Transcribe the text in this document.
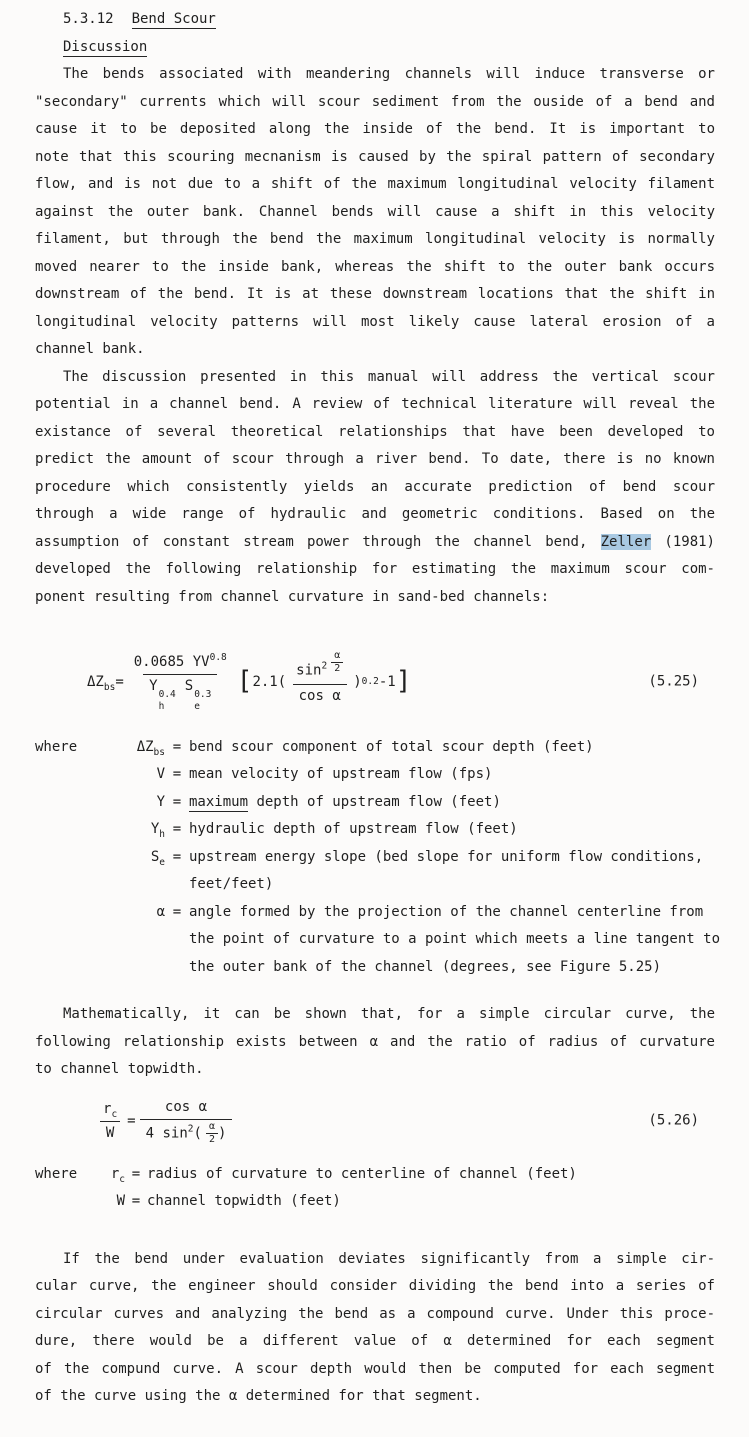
5.3.12 Bend Scour
Discussion
The bends associated with meandering channels will induce transverse or
"secondary" currents which will scour sediment from the ouside of a bend and
cause it to be deposited along the inside of the bend. It is important to
note that this scouring mecnanism is caused by the spiral pattern of secondary
flow, and is not due to a shift of the maximum longitudinal velocity filament
against the outer bank. Channel bends will cause a shift in this velocity
filament, but through the bend the maximum longitudinal velocity is normally
moved nearer to the inside bank, whereas the shift to the outer bank occurs
downstream of the bend. It is at these downstream locations that the shift in
longitudinal velocity patterns will most likely cause lateral erosion of a
channel bank.
The discussion presented in this manual will address the vertical scour
potential in a channel bend. A review of technical literature will reveal the
existance of several theoretical relationships that have been developed to
predict the amount of scour through a river bend. To date, there is no known
procedure which consistently yields an accurate prediction of bend scour
through a wide range of hydraulic and geometric conditions. Based on the
assumption of constant stream power through the channel bend, Zeller (1981)
developed the following relationship for estimating the maximum scour com-
ponent resulting from channel curvature in sand-bed channels:
$\Delta Z_{bs}= 0.0685$ $YV^{0.8}$
Y
0.4
h
S
0.3
e [ 2.1 ( $\frac{\sin^2 \frac{\alpha}{2}}{\text{cos α}}$ ) 0.2 -1 ]	(5.25)
where	$\Delta Z_{bs}$ = bend scour component of total scour depth (feet)
V = mean velocity of upstream flow (fps)
Y = maximum depth of upstream flow (feet)
$Y_h$ = hydraulic depth of upstream flow (feet)
$S_e$ = upstream energy slope (bed slope for uniform flow conditions,
feet/feet)
α = angle formed by the projection of the channel centerline from
the point of curvature to a point which meets a line tangent to
the outer bank of the channel (degrees, see Figure 5.25)
Mathematically, it can be shown that, for a simple circular curve, the
following relationship exists between α and the ratio of radius of curvature
to channel topwidth.
$\frac{r_c}{W} = \frac{\text{cos α}}{4 \sin^2( \frac{\alpha}{2} )}$	(5.26)
where	$r_c$ = radius of curvature to centerline of channel (feet)
W = channel topwidth (feet)
If the bend under evaluation deviates significantly from a simple cir-
cular curve, the engineer should consider dividing the bend into a series of
circular curves and analyzing the bend as a compound curve. Under this proce-
dure, there would be a different value of α determined for each segment
of the compund curve. A scour depth would then be computed for each segment
of the curve using the α determined for that segment.
